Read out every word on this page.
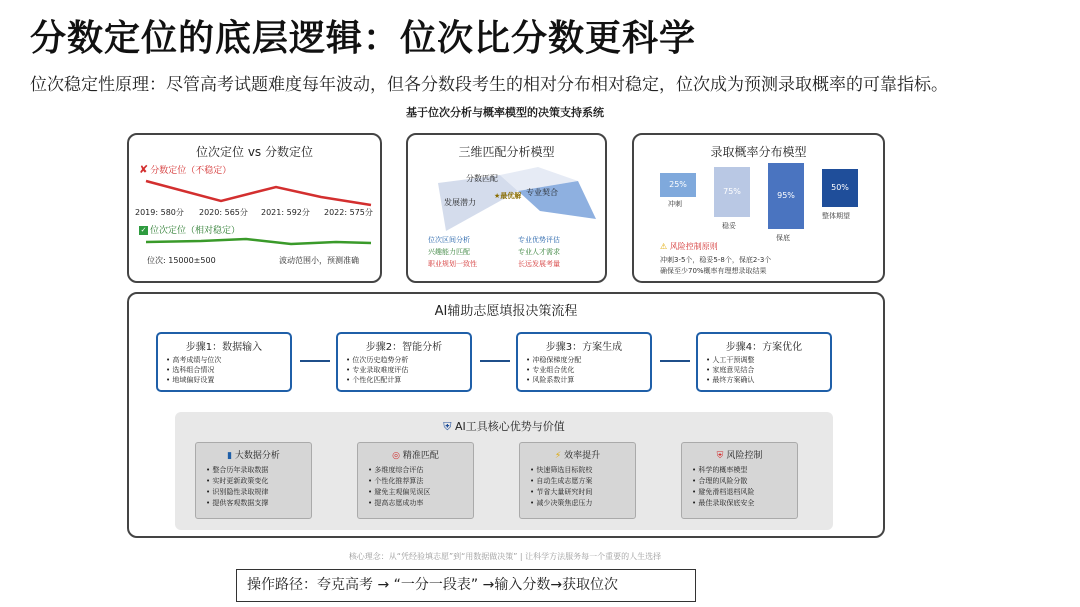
分数定位的底层逻辑：位次比分数更科学
位次稳定性原理：尽管高考试题难度每年波动，但各分数段考生的相对分布相对稳定，位次成为预测录取概率的可靠指标。
基于位次分析与概率模型的决策支持系统
位次定位 vs 分数定位
✘ 分数定位（不稳定）
2019: 580分 2020: 565分 2021: 592分 2022: 575分
✓ 位次定位（相对稳定）
位次: 15000±500	波动范围小，预测准确
三维匹配分析模型
分数匹配
专业契合
发展潜力
★最优解
位次区间分析
兴趣能力匹配
职业规划一致性
专业优势评估
专业人才需求
长远发展考量
录取概率分布模型
25%
冲刺
75%
稳妥
95%
保底
50%
整体期望
⚠ 风险控制原则
冲刺3-5个，稳妥5-8个，保底2-3个
确保至少70%概率有理想录取结果
AI辅助志愿填报决策流程
步骤1：数据输入
• 高考成绩与位次
• 选科组合情况
• 地域偏好设置
步骤2：智能分析
• 位次历史趋势分析
• 专业录取难度评估
• 个性化匹配计算
步骤3：方案生成
• 冲稳保梯度分配
• 专业组合优化
• 风险系数计算
步骤4：方案优化
• 人工干预调整
• 家庭意见结合
• 最终方案确认
⛨ AI工具核心优势与价值
▮ 大数据分析
• 整合历年录取数据
• 实时更新政策变化
• 识别隐性录取规律
• 提供客观数据支撑
◎ 精准匹配
• 多维度综合评估
• 个性化推荐算法
• 避免主观偏见误区
• 提高志愿成功率
⚡ 效率提升
• 快速筛选目标院校
• 自动生成志愿方案
• 节省大量研究时间
• 减少决策焦虑压力
⛨ 风险控制
• 科学的概率模型
• 合理的风险分散
• 避免滑档退档风险
• 最佳录取保底安全
核心理念：从“凭经验填志愿”到“用数据做决策” | 让科学方法服务每一个重要的人生选择
操作路径：夸克高考 → “一分一段表” →输入分数→获取位次
